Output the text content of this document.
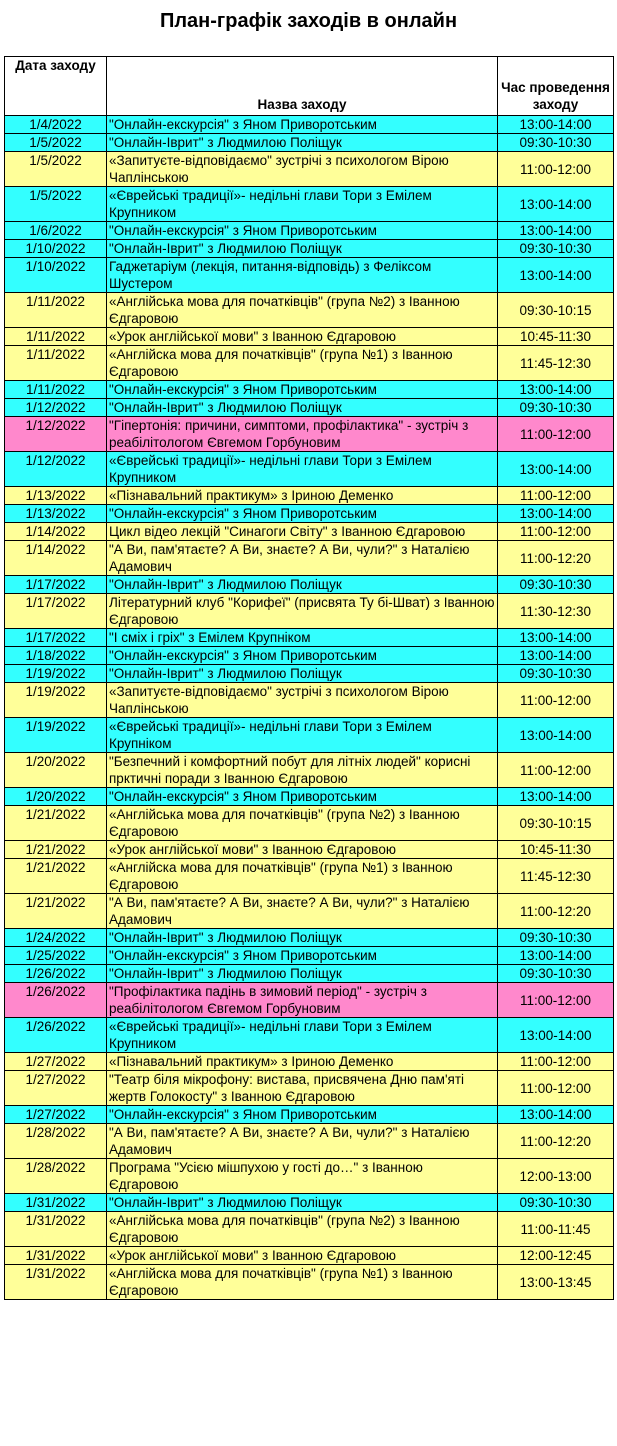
План-графік заходів в онлайн
Дата заходу	Назва заходу	Час проведення заходу
1/4/2022	"Онлайн-екскурсія" з Яном Приворотським	13:00-14:00
1/5/2022	"Онлайн-Іврит" з Людмилою Поліщук	09:30-10:30
1/5/2022	«Запитуєте-відповідаємо" зустрічі з психологом Вірою Чаплінською	11:00-12:00
1/5/2022	«Єврейські традиції»- недільні глави Тори з Емілем Крупником	13:00-14:00
1/6/2022	"Онлайн-екскурсія" з Яном Приворотським	13:00-14:00
1/10/2022	"Онлайн-Іврит" з Людмилою Поліщук	09:30-10:30
1/10/2022	Гаджетаріум (лекція, питання-відповідь) з Феліксом Шустером	13:00-14:00
1/11/2022	«Англійська мова для початківців" (група №2) з Іванною Єдгаровою	09:30-10:15
1/11/2022	«Урок англійської мови" з Іванною Єдгаровою	10:45-11:30
1/11/2022	«Англійска мова для початківців" (група №1) з Іванною Єдгаровою	11:45-12:30
1/11/2022	"Онлайн-екскурсія" з Яном Приворотським	13:00-14:00
1/12/2022	"Онлайн-Іврит" з Людмилою Поліщук	09:30-10:30
1/12/2022	"Гіпертонія: причини, симптоми, профілактика" - зустріч з реабілітологом Євгемом Горбуновим	11:00-12:00
1/12/2022	«Єврейські традиції»- недільні глави Тори з Емілем Крупником	13:00-14:00
1/13/2022	«Пізнавальний практикум» з Іриною Деменко	11:00-12:00
1/13/2022	"Онлайн-екскурсія" з Яном Приворотським	13:00-14:00
1/14/2022	Цикл відео лекцій "Синагоги Світу" з Іванною Єдгаровою	11:00-12:00
1/14/2022	"А Ви, пам'ятаєте? А Ви, знаєте? А Ви, чули?" з Наталією Адамович	11:00-12:20
1/17/2022	"Онлайн-Іврит" з Людмилою Поліщук	09:30-10:30
1/17/2022	Літературний клуб "Корифеї" (присвята Ту бі-Шват) з Іванною Єдгаровою	11:30-12:30
1/17/2022	"І сміх і гріх" з Емілем Крупніком	13:00-14:00
1/18/2022	"Онлайн-екскурсія" з Яном Приворотським	13:00-14:00
1/19/2022	"Онлайн-Іврит" з Людмилою Поліщук	09:30-10:30
1/19/2022	«Запитуєте-відповідаємо" зустрічі з психологом Вірою Чаплінською	11:00-12:00
1/19/2022	«Єврейські традиції»- недільні глави Тори з Емілем Крупніком	13:00-14:00
1/20/2022	"Безпечний і комфортний побут для літніх людей" корисні прктичні поради з Іванною Єдгаровою	11:00-12:00
1/20/2022	"Онлайн-екскурсія" з Яном Приворотським	13:00-14:00
1/21/2022	«Англійська мова для початківців" (група №2) з Іванною Єдгаровою	09:30-10:15
1/21/2022	«Урок англійської мови" з Іванною Єдгаровою	10:45-11:30
1/21/2022	«Англійска мова для початківців" (група №1) з Іванною Єдгаровою	11:45-12:30
1/21/2022	"А Ви, пам'ятаєте? А Ви, знаєте? А Ви, чули?" з Наталією Адамович	11:00-12:20
1/24/2022	"Онлайн-Іврит" з Людмилою Поліщук	09:30-10:30
1/25/2022	"Онлайн-екскурсія" з Яном Приворотським	13:00-14:00
1/26/2022	"Онлайн-Іврит" з Людмилою Поліщук	09:30-10:30
1/26/2022	"Профілактика падінь в зимовий період" - зустріч з реабілітологом Євгемом Горбуновим	11:00-12:00
1/26/2022	«Єврейські традиції»- недільні глави Тори з Емілем Крупником	13:00-14:00
1/27/2022	«Пізнавальний практикум» з Іриною Деменко	11:00-12:00
1/27/2022	"Театр біля мікрофону: вистава, присвячена Дню пам'яті жертв Голокосту" з Іванною Єдгаровою	11:00-12:00
1/27/2022	"Онлайн-екскурсія" з Яном Приворотським	13:00-14:00
1/28/2022	"А Ви, пам'ятаєте? А Ви, знаєте? А Ви, чули?" з Наталією Адамович	11:00-12:20
1/28/2022	Програма "Усією мішпухою у гості до…" з Іванною Єдгаровою	12:00-13:00
1/31/2022	"Онлайн-Іврит" з Людмилою Поліщук	09:30-10:30
1/31/2022	«Англійська мова для початківців" (група №2) з Іванною Єдгаровою	11:00-11:45
1/31/2022	«Урок англійської мови" з Іванною Єдгаровою	12:00-12:45
1/31/2022	«Англійска мова для початківців" (група №1) з Іванною Єдгаровою	13:00-13:45
